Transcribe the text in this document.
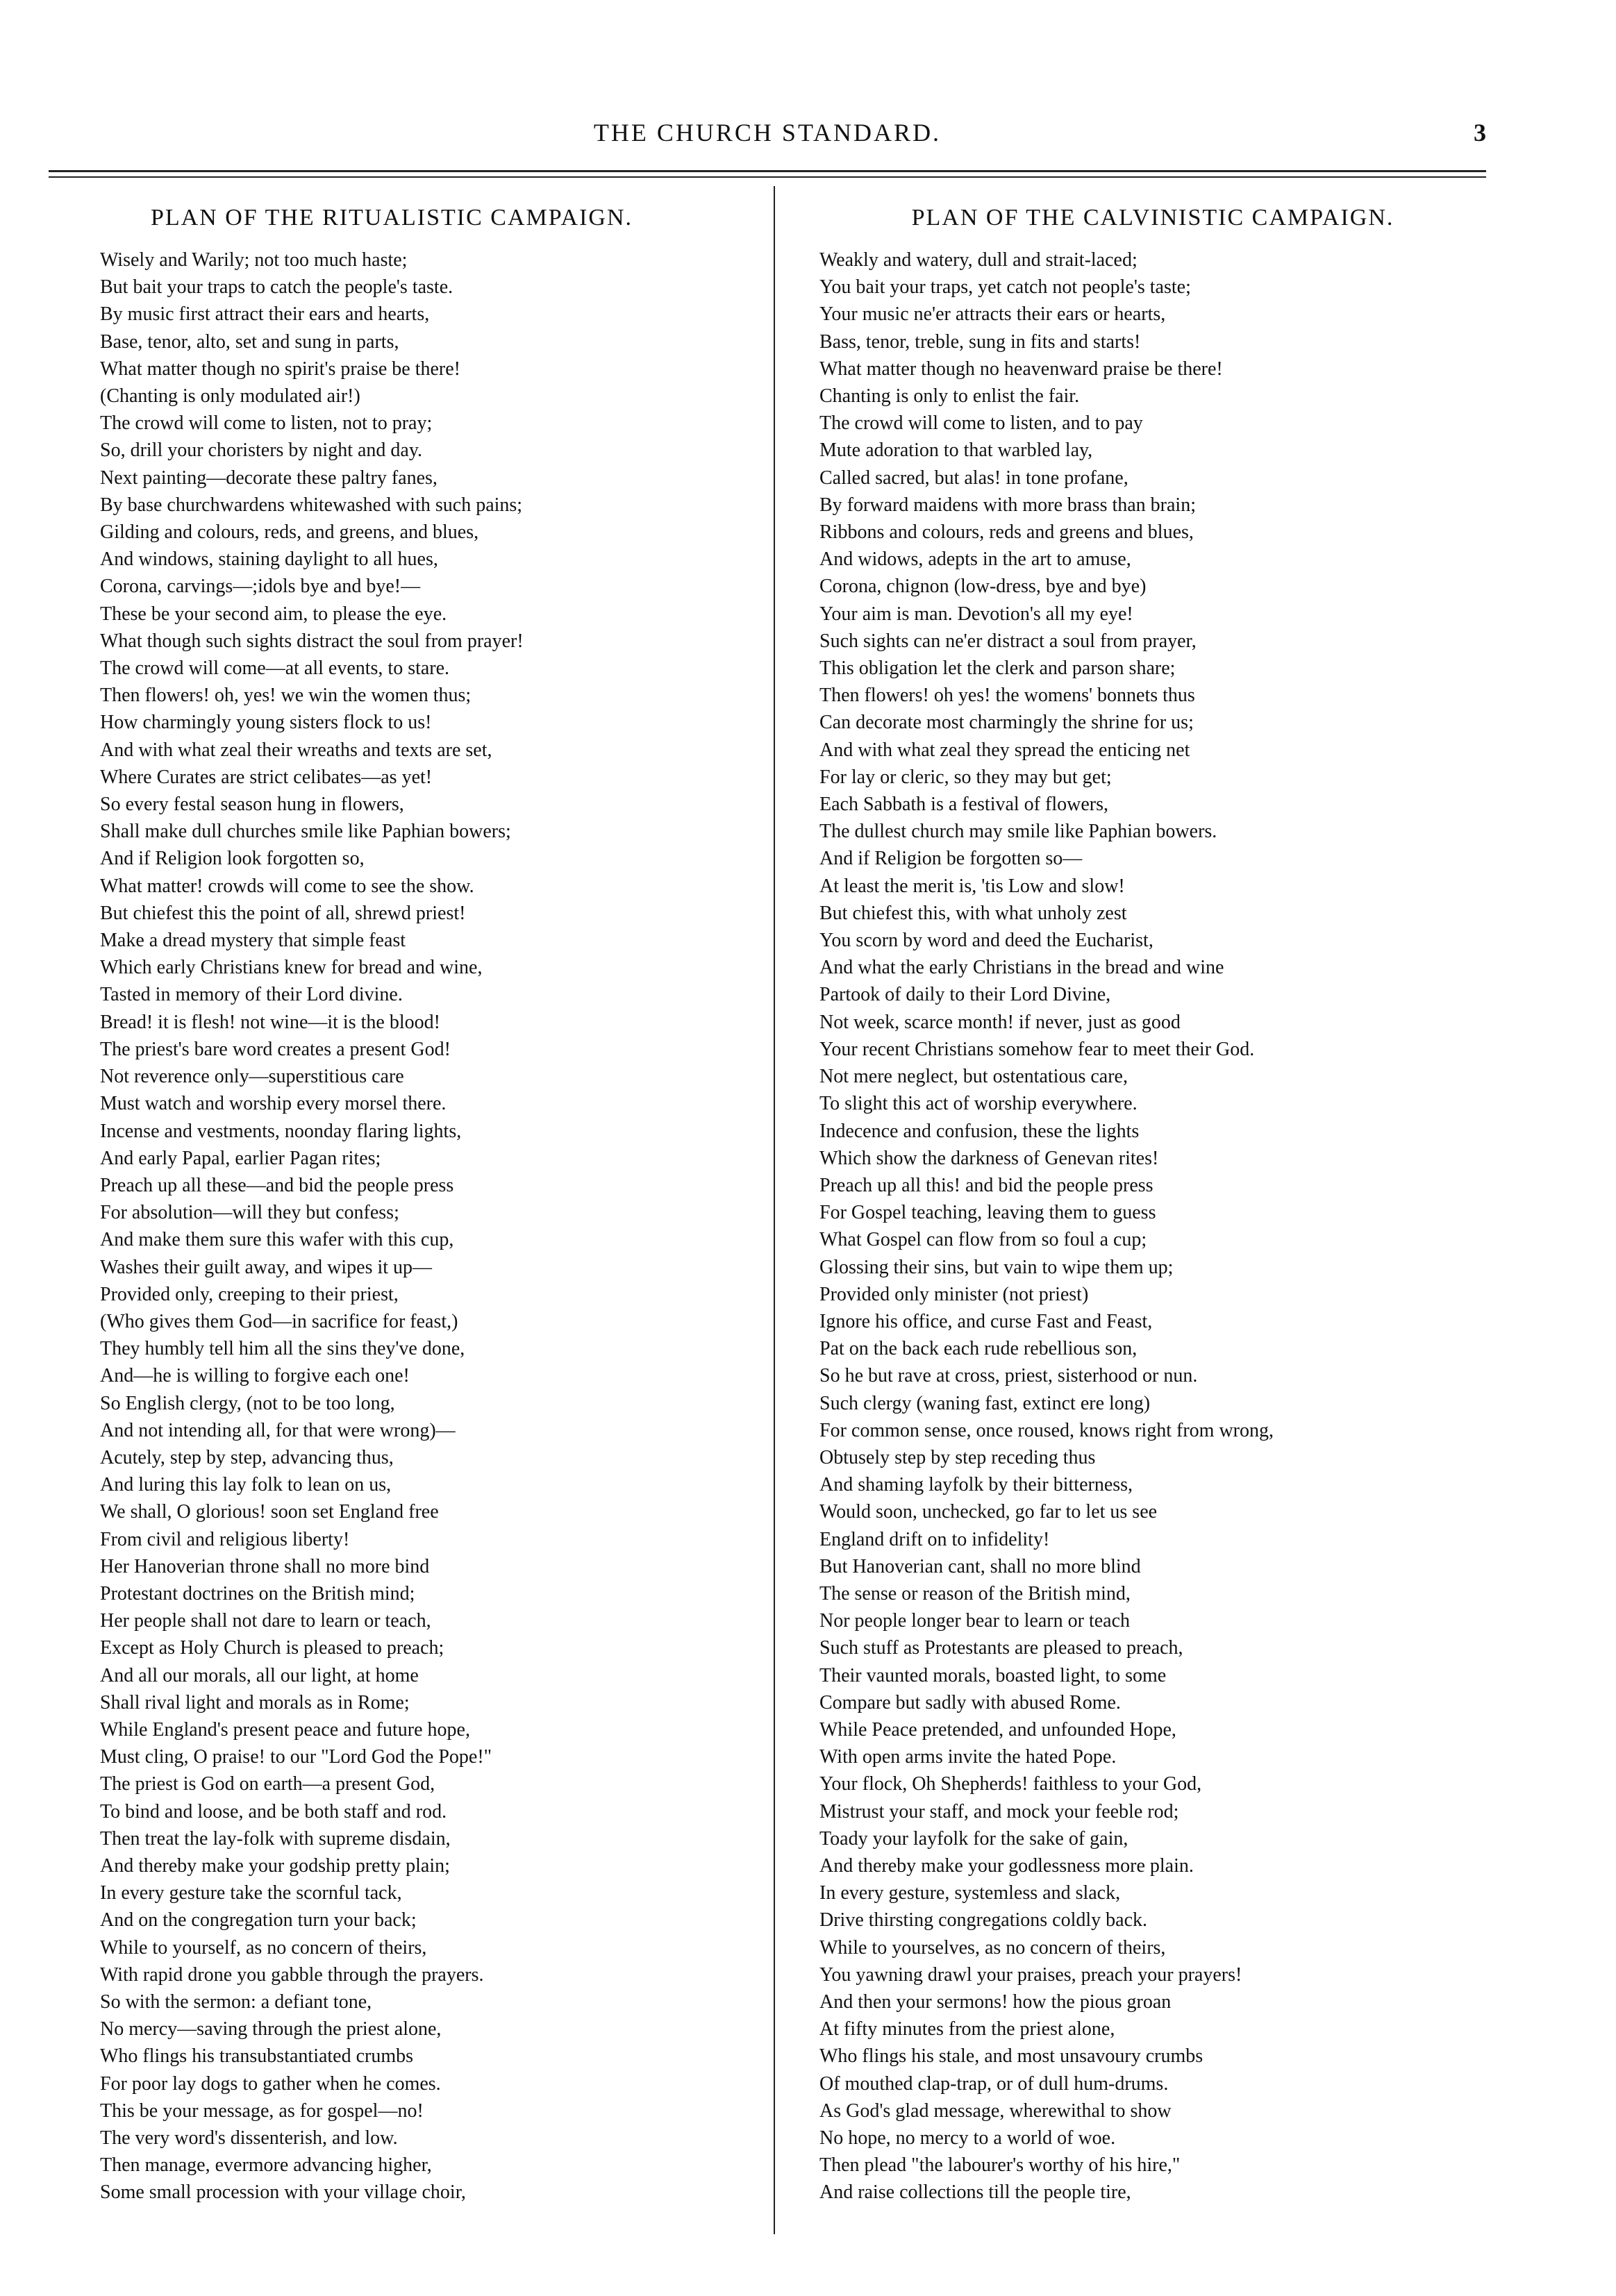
THE CHURCH STANDARD.	3
PLAN OF THE RITUALISTIC CAMPAIGN.
Wisely and Warily; not too much haste;
But bait your traps to catch the people's taste.
By music first attract their ears and hearts,
Base, tenor, alto, set and sung in parts,
What matter though no spirit's praise be there!
(Chanting is only modulated air!)
The crowd will come to listen, not to pray;
So, drill your choristers by night and day.
Next painting—decorate these paltry fanes,
By base churchwardens whitewashed with such pains;
Gilding and colours, reds, and greens, and blues,
And windows, staining daylight to all hues,
Corona, carvings—;idols bye and bye!—
These be your second aim, to please the eye.
What though such sights distract the soul from prayer!
The crowd will come—at all events, to stare.
Then flowers! oh, yes! we win the women thus;
How charmingly young sisters flock to us!
And with what zeal their wreaths and texts are set,
Where Curates are strict celibates—as yet!
So every festal season hung in flowers,
Shall make dull churches smile like Paphian bowers;
And if Religion look forgotten so,
What matter! crowds will come to see the show.
But chiefest this the point of all, shrewd priest!
Make a dread mystery that simple feast
Which early Christians knew for bread and wine,
Tasted in memory of their Lord divine.
Bread! it is flesh! not wine—it is the blood!
The priest's bare word creates a present God!
Not reverence only—superstitious care
Must watch and worship every morsel there.
Incense and vestments, noonday flaring lights,
And early Papal, earlier Pagan rites;
Preach up all these—and bid the people press
For absolution—will they but confess;
And make them sure this wafer with this cup,
Washes their guilt away, and wipes it up—
Provided only, creeping to their priest,
(Who gives them God—in sacrifice for feast,)
They humbly tell him all the sins they've done,
And—he is willing to forgive each one!
So English clergy, (not to be too long,
And not intending all, for that were wrong)—
Acutely, step by step, advancing thus,
And luring this lay folk to lean on us,
We shall, O glorious! soon set England free
From civil and religious liberty!
Her Hanoverian throne shall no more bind
Protestant doctrines on the British mind;
Her people shall not dare to learn or teach,
Except as Holy Church is pleased to preach;
And all our morals, all our light, at home
Shall rival light and morals as in Rome;
While England's present peace and future hope,
Must cling, O praise! to our "Lord God the Pope!"
The priest is God on earth—a present God,
To bind and loose, and be both staff and rod.
Then treat the lay-folk with supreme disdain,
And thereby make your godship pretty plain;
In every gesture take the scornful tack,
And on the congregation turn your back;
While to yourself, as no concern of theirs,
With rapid drone you gabble through the prayers.
So with the sermon: a defiant tone,
No mercy—saving through the priest alone,
Who flings his transubstantiated crumbs
For poor lay dogs to gather when he comes.
This be your message, as for gospel—no!
The very word's dissenterish, and low.
Then manage, evermore advancing higher,
Some small procession with your village choir,
PLAN OF THE CALVINISTIC CAMPAIGN.
Weakly and watery, dull and strait-laced;
You bait your traps, yet catch not people's taste;
Your music ne'er attracts their ears or hearts,
Bass, tenor, treble, sung in fits and starts!
What matter though no heavenward praise be there!
Chanting is only to enlist the fair.
The crowd will come to listen, and to pay
Mute adoration to that warbled lay,
Called sacred, but alas! in tone profane,
By forward maidens with more brass than brain;
Ribbons and colours, reds and greens and blues,
And widows, adepts in the art to amuse,
Corona, chignon (low-dress, bye and bye)
Your aim is man. Devotion's all my eye!
Such sights can ne'er distract a soul from prayer,
This obligation let the clerk and parson share;
Then flowers! oh yes! the womens' bonnets thus
Can decorate most charmingly the shrine for us;
And with what zeal they spread the enticing net
For lay or cleric, so they may but get;
Each Sabbath is a festival of flowers,
The dullest church may smile like Paphian bowers.
And if Religion be forgotten so—
At least the merit is, 'tis Low and slow!
But chiefest this, with what unholy zest
You scorn by word and deed the Eucharist,
And what the early Christians in the bread and wine
Partook of daily to their Lord Divine,
Not week, scarce month! if never, just as good
Your recent Christians somehow fear to meet their God.
Not mere neglect, but ostentatious care,
To slight this act of worship everywhere.
Indecence and confusion, these the lights
Which show the darkness of Genevan rites!
Preach up all this! and bid the people press
For Gospel teaching, leaving them to guess
What Gospel can flow from so foul a cup;
Glossing their sins, but vain to wipe them up;
Provided only minister (not priest)
Ignore his office, and curse Fast and Feast,
Pat on the back each rude rebellious son,
So he but rave at cross, priest, sisterhood or nun.
Such clergy (waning fast, extinct ere long)
For common sense, once roused, knows right from wrong,
Obtusely step by step receding thus
And shaming layfolk by their bitterness,
Would soon, unchecked, go far to let us see
England drift on to infidelity!
But Hanoverian cant, shall no more blind
The sense or reason of the British mind,
Nor people longer bear to learn or teach
Such stuff as Protestants are pleased to preach,
Their vaunted morals, boasted light, to some
Compare but sadly with abused Rome.
While Peace pretended, and unfounded Hope,
With open arms invite the hated Pope.
Your flock, Oh Shepherds! faithless to your God,
Mistrust your staff, and mock your feeble rod;
Toady your layfolk for the sake of gain,
And thereby make your godlessness more plain.
In every gesture, systemless and slack,
Drive thirsting congregations coldly back.
While to yourselves, as no concern of theirs,
You yawning drawl your praises, preach your prayers!
And then your sermons! how the pious groan
At fifty minutes from the priest alone,
Who flings his stale, and most unsavoury crumbs
Of mouthed clap-trap, or of dull hum-drums.
As God's glad message, wherewithal to show
No hope, no mercy to a world of woe.
Then plead "the labourer's worthy of his hire,"
And raise collections till the people tire,
